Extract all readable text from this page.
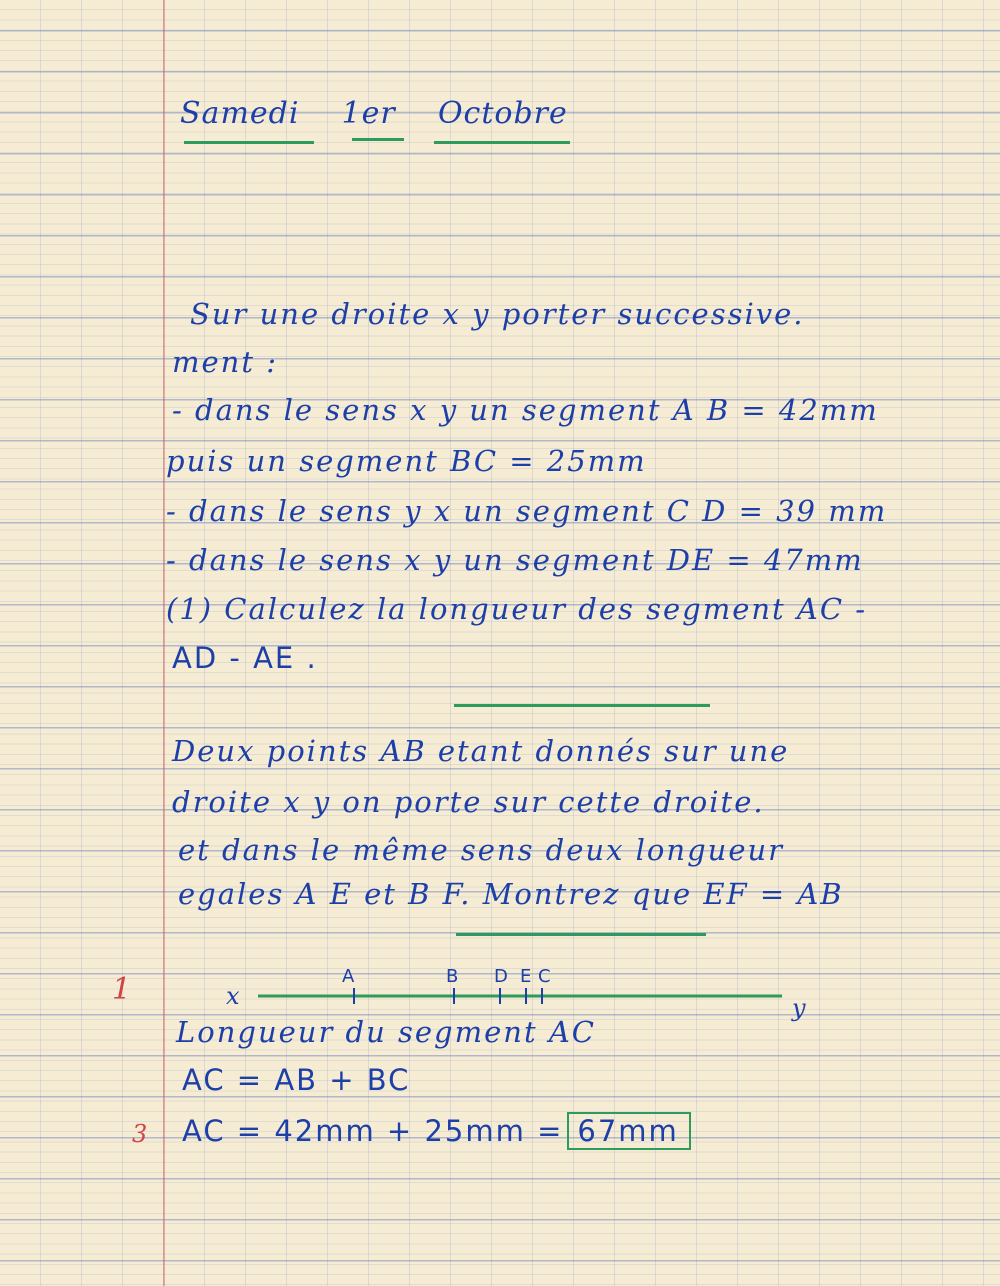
Samedi 1er Octobre
Sur une droite x y porter successive.
ment :
- dans le sens x y un segment A B = 42mm
puis un segment BC = 25mm
- dans le sens y x un segment C D = 39 mm
- dans le sens x y un segment DE = 47mm
(1) Calculez la longueur des segment AC -
AD - AE .
Deux points AB etant donnés sur une
droite x y on porte sur cette droite.
et dans le même sens deux longueur
egales A E et B F. Montrez que EF = AB
1	x	y
A	B D E C
Longueur du segment AC
AC = AB + BC
3 AC = 42mm + 25mm = 67mm
